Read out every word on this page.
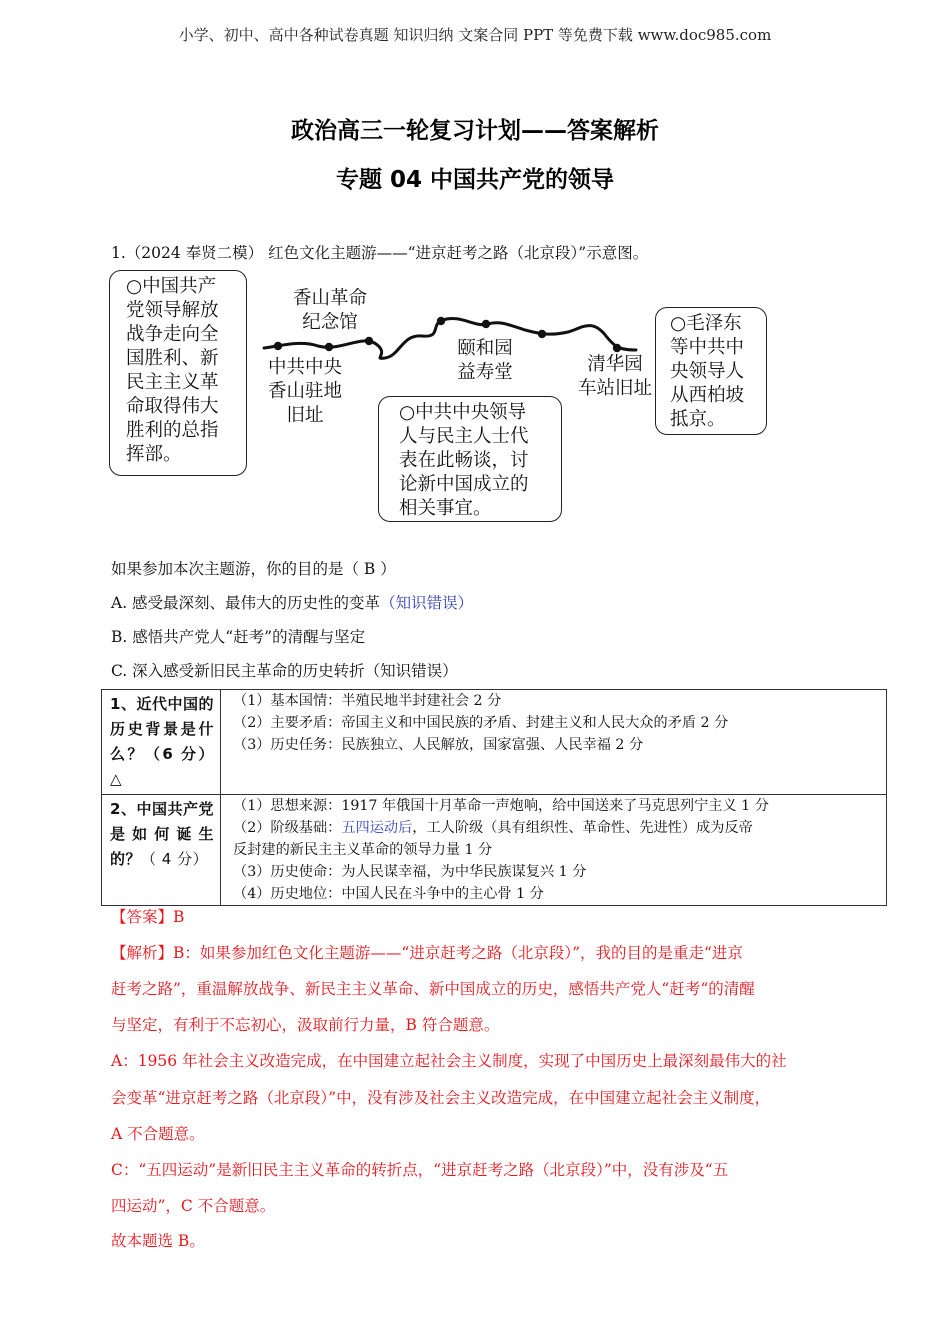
小学、初中、高中各种试卷真题 知识归纳 文案合同 PPT 等免费下载 www.doc985.com
政治高三一轮复习计划——答案解析
专题 04 中国共产党的领导
1.（2024 奉贤二模） 红色文化主题游——“进京赶考之路（北京段）”示意图。
○中国共产
党领导解放
战争走向全
国胜利、新
民主主义革
命取得伟大
胜利的总指
挥部。
○中共中央领导
人与民主人士代
表在此畅谈，讨
论新中国成立的
相关事宜。
○毛泽东
等中共中
央领导人
从西柏坡
抵京。
香山革命
纪念馆
中共中央
香山驻地
旧址
颐和园
益寿堂	清华园
车站旧址
如果参加本次主题游，你的目的是（ B ）
A. 感受最深刻、最伟大的历史性的变革（知识错误）
B. 感悟共产党人“赶考”的清醒与坚定
C. 深入感受新旧民主革命的历史转折（知识错误）
1、近代中国的历史背景是什么？（6 分）△	（1）基本国情：半殖民地半封建社会 2 分
（2）主要矛盾：帝国主义和中国民族的矛盾、封建主义和人民大众的矛盾 2 分
（3）历史任务：民族独立、人民解放，国家富强、人民幸福 2 分

2、中国共产党是如何诞生的？（ 4 分）	（1）思想来源：1917 年俄国十月革命一声炮响，给中国送来了马克思列宁主义 1 分
（2）阶级基础：五四运动后，工人阶级（具有组织性、革命性、先进性）成为反帝
反封建的新民主主义革命的领导力量 1 分
（3）历史使命：为人民谋幸福，为中华民族谋复兴 1 分
（4）历史地位：中国人民在斗争中的主心骨 1 分
【答案】B
【解析】B：如果参加红色文化主题游——“进京赶考之路（北京段）”，我的目的是重走“进京
赶考之路”，重温解放战争、新民主主义革命、新中国成立的历史，感悟共产党人“赶考“的清醒
与坚定，有利于不忘初心，汲取前行力量，B 符合题意。
A：1956 年社会主义改造完成，在中国建立起社会主义制度，实现了中国历史上最深刻最伟大的社
会变革“进京赶考之路（北京段）”中，没有涉及社会主义改造完成，在中国建立起社会主义制度，
A 不合题意。
C：“五四运动”是新旧民主主义革命的转折点，“进京赶考之路（北京段）”中，没有涉及“五
四运动”，C 不合题意。
故本题选 B。
